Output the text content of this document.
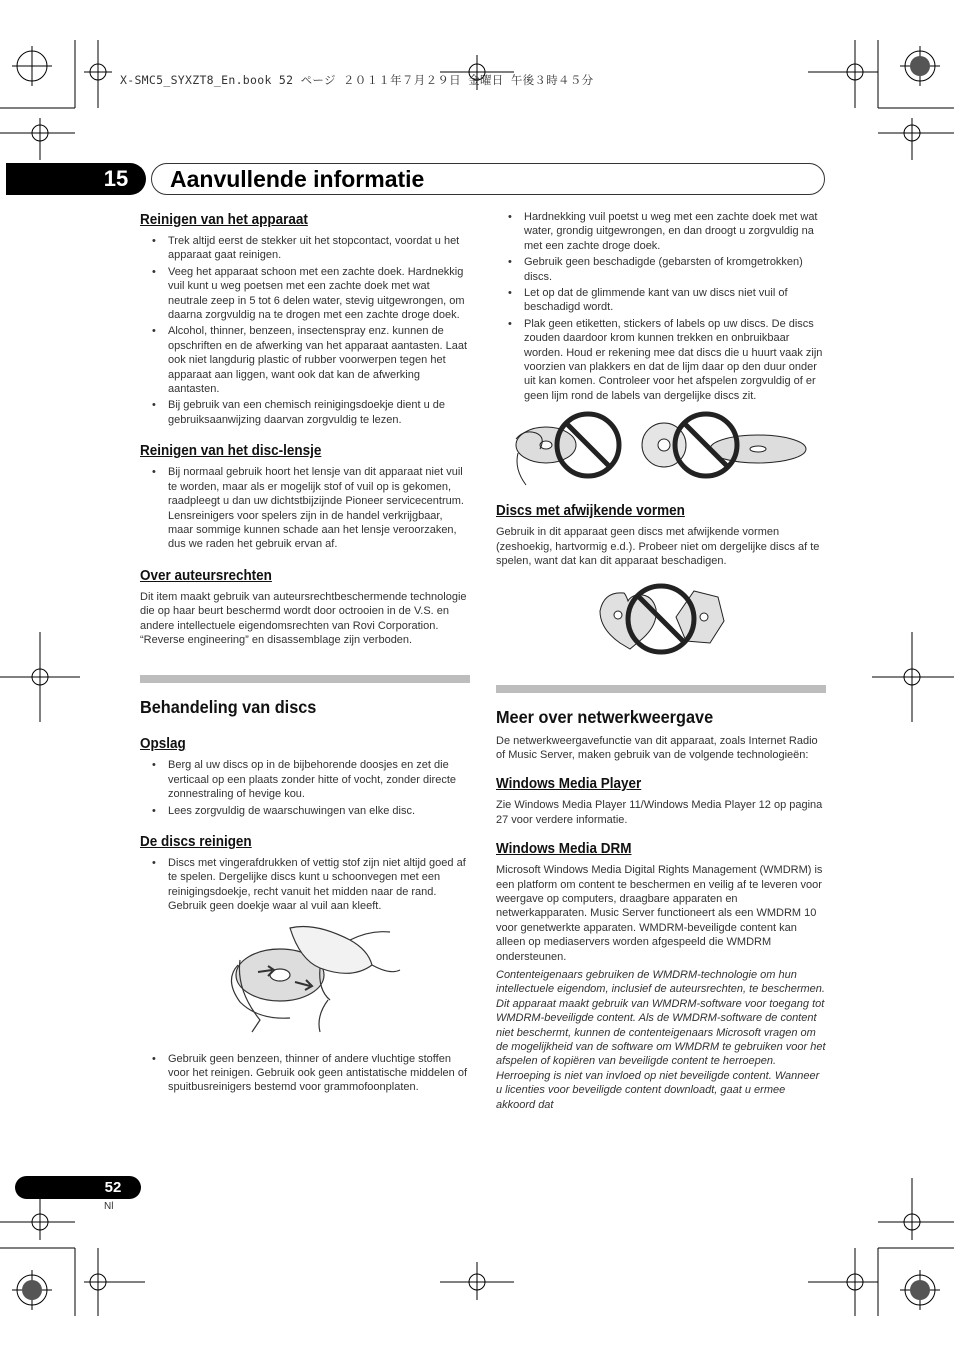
X-SMC5_SYXZT8_En.book 52 ページ ２０１１年７月２９日 金曜日 午後３時４５分
15	Aanvullende informatie
Reinigen van het apparaat
• Trek altijd eerst de stekker uit het stopcontact, voordat u het apparaat gaat reinigen.
• Veeg het apparaat schoon met een zachte doek. Hardnekkig vuil kunt u weg poetsen met een zachte doek met wat neutrale zeep in 5 tot 6 delen water, stevig uitgewrongen, om daarna zorgvuldig na te drogen met een zachte droge doek.
• Alcohol, thinner, benzeen, insectenspray enz. kunnen de opschriften en de afwerking van het apparaat aantasten. Laat ook niet langdurig plastic of rubber voorwerpen tegen het apparaat aan liggen, want ook dat kan de afwerking aantasten.
• Bij gebruik van een chemisch reinigingsdoekje dient u de gebruiksaanwijzing daarvan zorgvuldig te lezen.
Reinigen van het disc-lensje
• Bij normaal gebruik hoort het lensje van dit apparaat niet vuil te worden, maar als er mogelijk stof of vuil op is gekomen, raadpleegt u dan uw dichtstbijzijnde Pioneer servicecentrum. Lensreinigers voor spelers zijn in de handel verkrijgbaar, maar sommige kunnen schade aan het lensje veroorzaken, dus we raden het gebruik ervan af.
Over auteursrechten

Dit item maakt gebruik van auteursrechtbeschermende technologie die op haar beurt beschermd wordt door octrooien in de V.S. en andere intellectuele eigendomsrechten van Rovi Corporation. “Reverse engineering” en disassemblage zijn verboden.

Behandeling van discs
Opslag
• Berg al uw discs op in de bijbehorende doosjes en zet die verticaal op een plaats zonder hitte of vocht, zonder directe zonnestraling of hevige kou.
• Lees zorgvuldig de waarschuwingen van elke disc.
De discs reinigen
• Discs met vingerafdrukken of vettig stof zijn niet altijd goed af te spelen. Dergelijke discs kunt u schoonvegen met een reinigingsdoekje, recht vanuit het midden naar de rand. Gebruik geen doekje waar al vuil aan kleeft.
• Gebruik geen benzeen, thinner of andere vluchtige stoffen voor het reinigen. Gebruik ook geen antistatische middelen of spuitbusreinigers bestemd voor grammofoonplaten.
• Hardnekking vuil poetst u weg met een zachte doek met wat water, grondig uitgewrongen, en dan droogt u zorgvuldig na met een zachte droge doek.
• Gebruik geen beschadigde (gebarsten of kromgetrokken) discs.
• Let op dat de glimmende kant van uw discs niet vuil of beschadigd wordt.
• Plak geen etiketten, stickers of labels op uw discs. De discs zouden daardoor krom kunnen trekken en onbruikbaar worden. Houd er rekening mee dat discs die u huurt vaak zijn voorzien van plakkers en dat de lijm daar op den duur onder uit kan komen. Controleer voor het afspelen zorgvuldig of er geen lijm rond de labels van dergelijke discs zit.
Discs met afwijkende vormen

Gebruik in dit apparaat geen discs met afwijkende vormen (zeshoekig, hartvormig e.d.). Probeer niet om dergelijke discs af te spelen, want dat kan dit apparaat beschadigen.

Meer over netwerkweergave

De netwerkweergavefunctie van dit apparaat, zoals Internet Radio of Music Server, maken gebruik van de volgende technologieën:

Windows Media Player

Zie Windows Media Player 11/Windows Media Player 12 op pagina 27 voor verdere informatie.

Windows Media DRM

Microsoft Windows Media Digital Rights Management (WMDRM) is een platform om content te beschermen en veilig af te leveren voor weergave op computers, draagbare apparaten en netwerkapparaten. Music Server functioneert als een WMDRM 10 voor genetwerkte apparaten. WMDRM-beveiligde content kan alleen op mediaservers worden afgespeeld die WMDRM ondersteunen.

Contenteigenaars gebruiken de WMDRM-technologie om hun intellectuele eigendom, inclusief de auteursrechten, te beschermen. Dit apparaat maakt gebruik van WMDRM-software voor toegang tot WMDRM-beveiligde content. Als de WMDRM-software de content niet beschermt, kunnen de contenteigenaars Microsoft vragen om de mogelijkheid van de software om WMDRM te gebruiken voor het afspelen of kopiëren van beveiligde content te herroepen. Herroeping is niet van invloed op niet beveiligde content. Wanneer u licenties voor beveiligde content downloadt, gaat u ermee akkoord dat

52
Nl
